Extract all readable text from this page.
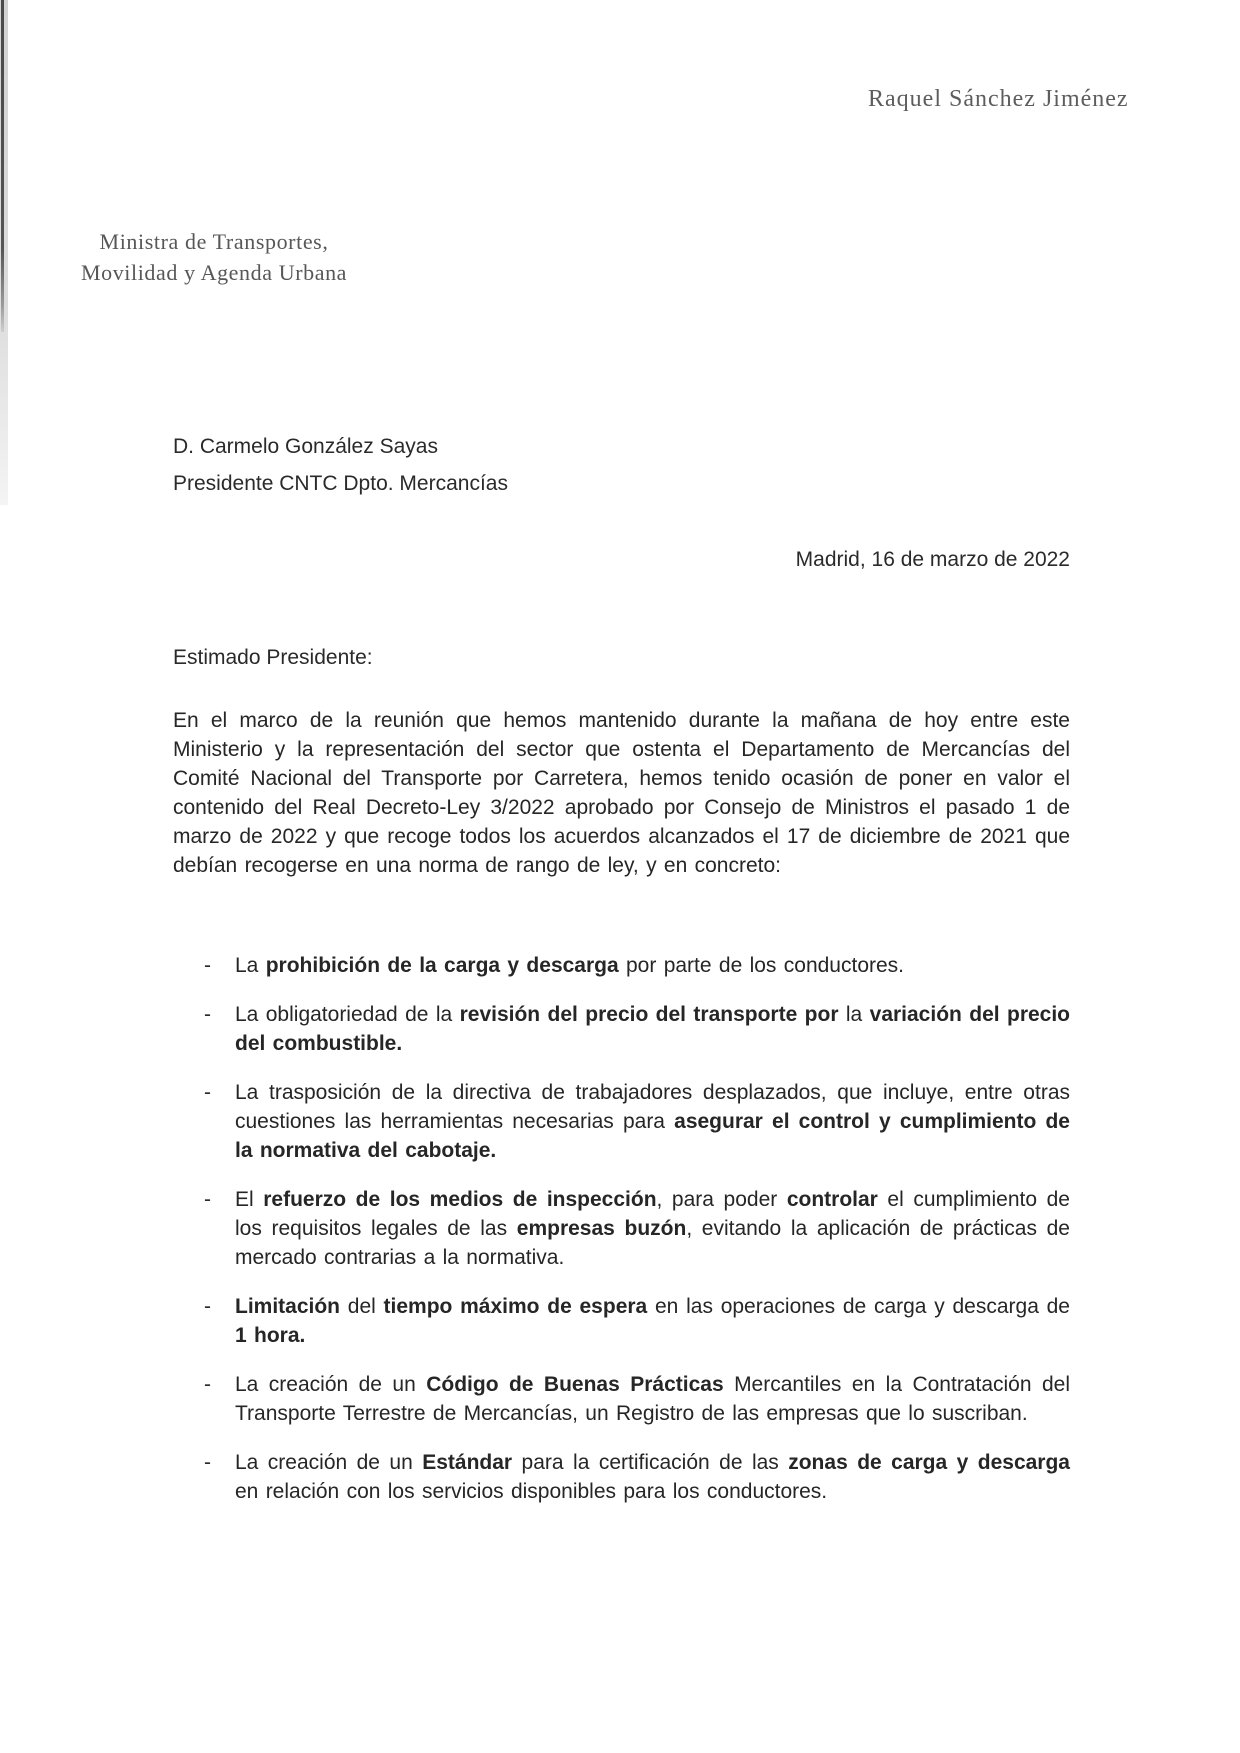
Raquel Sánchez Jiménez
Ministra de Transportes,
Movilidad y Agenda Urbana
D. Carmelo González Sayas
Presidente CNTC Dpto. Mercancías
Madrid, 16 de marzo de 2022
Estimado Presidente:

En el marco de la reunión que hemos mantenido durante la mañana de hoy entre este Ministerio y la representación del sector que ostenta el Departamento de Mercancías del Comité Nacional del Transporte por Carretera, hemos tenido ocasión de poner en valor el contenido del Real Decreto-Ley 3/2022 aprobado por Consejo de Ministros el pasado 1 de marzo de 2022 y que recoge todos los acuerdos alcanzados el 17 de diciembre de 2021 que debían recogerse en una norma de rango de ley, y en concreto:

-	La prohibición de la carga y descarga por parte de los conductores.

-	La obligatoriedad de la revisión del precio del transporte por la variación del precio del combustible.

-	La trasposición de la directiva de trabajadores desplazados, que incluye, entre otras cuestiones las herramientas necesarias para asegurar el control y cumplimiento de la normativa del cabotaje.

-	El refuerzo de los medios de inspección, para poder controlar el cumplimiento de los requisitos legales de las empresas buzón, evitando la aplicación de prácticas de mercado contrarias a la normativa.

-	Limitación del tiempo máximo de espera en las operaciones de carga y descarga de 1 hora.

-	La creación de un Código de Buenas Prácticas Mercantiles en la Contratación del Transporte Terrestre de Mercancías, un Registro de las empresas que lo suscriban.

-	La creación de un Estándar para la certificación de las zonas de carga y descarga en relación con los servicios disponibles para los conductores.
